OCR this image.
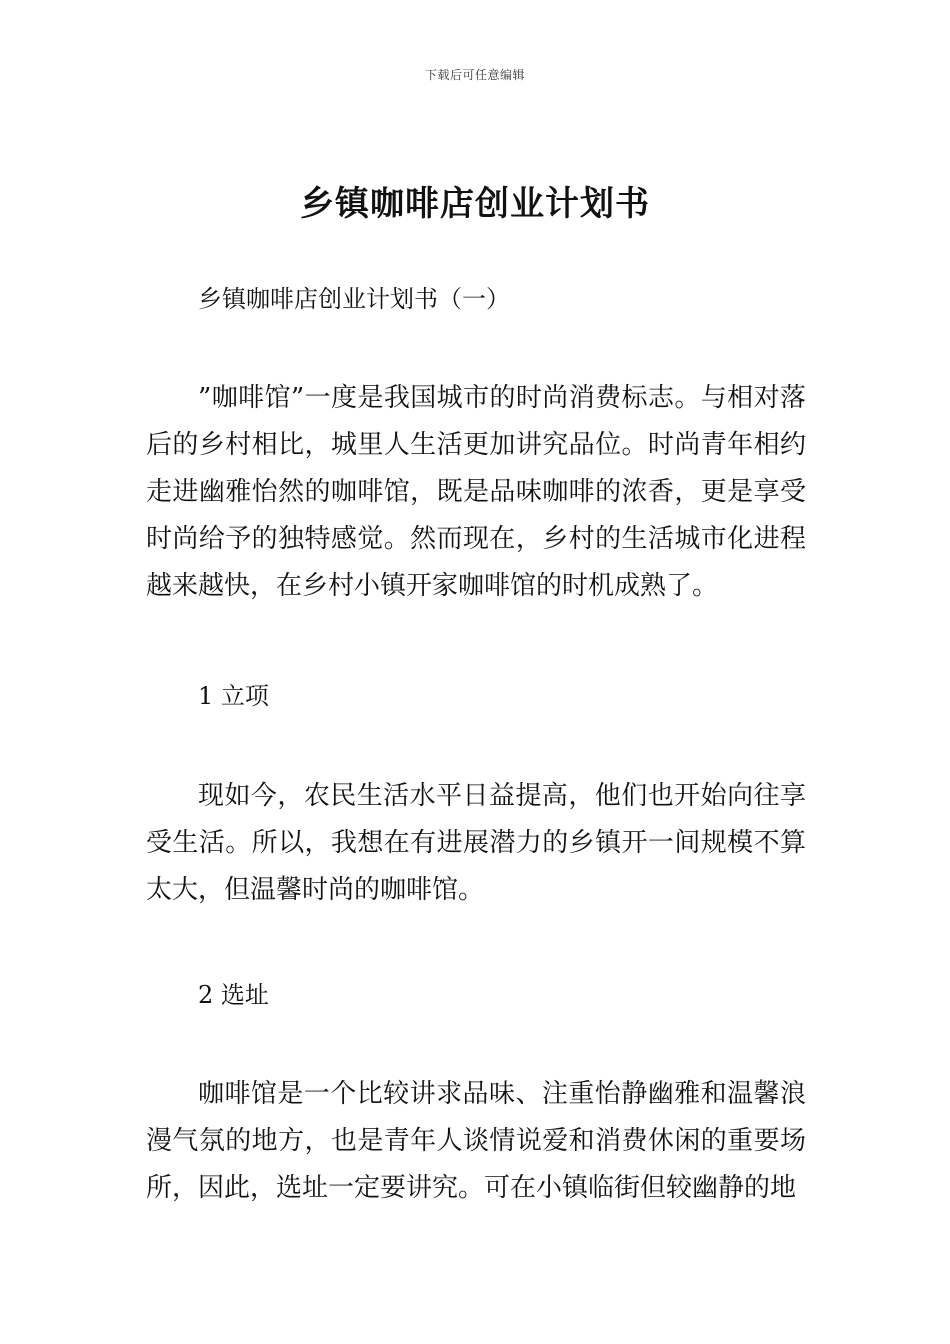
下载后可任意编辑
乡镇咖啡店创业计划书

乡镇咖啡店创业计划书（一）

”咖啡馆”一度是我国城市的时尚消费标志。与相对落后的乡村相比，城里人生活更加讲究品位。时尚青年相约走进幽雅怡然的咖啡馆，既是品味咖啡的浓香，更是享受时尚给予的独特感觉。然而现在，乡村的生活城市化进程越来越快，在乡村小镇开家咖啡馆的时机成熟了。

1 立项

现如今，农民生活水平日益提高，他们也开始向往享受生活。所以，我想在有进展潜力的乡镇开一间规模不算太大，但温馨时尚的咖啡馆。

2 选址

咖啡馆是一个比较讲求品味、注重怡静幽雅和温馨浪漫气氛的地方，也是青年人谈情说爱和消费休闲的重要场所，因此，选址一定要讲究。可在小镇临街但较幽静的地
